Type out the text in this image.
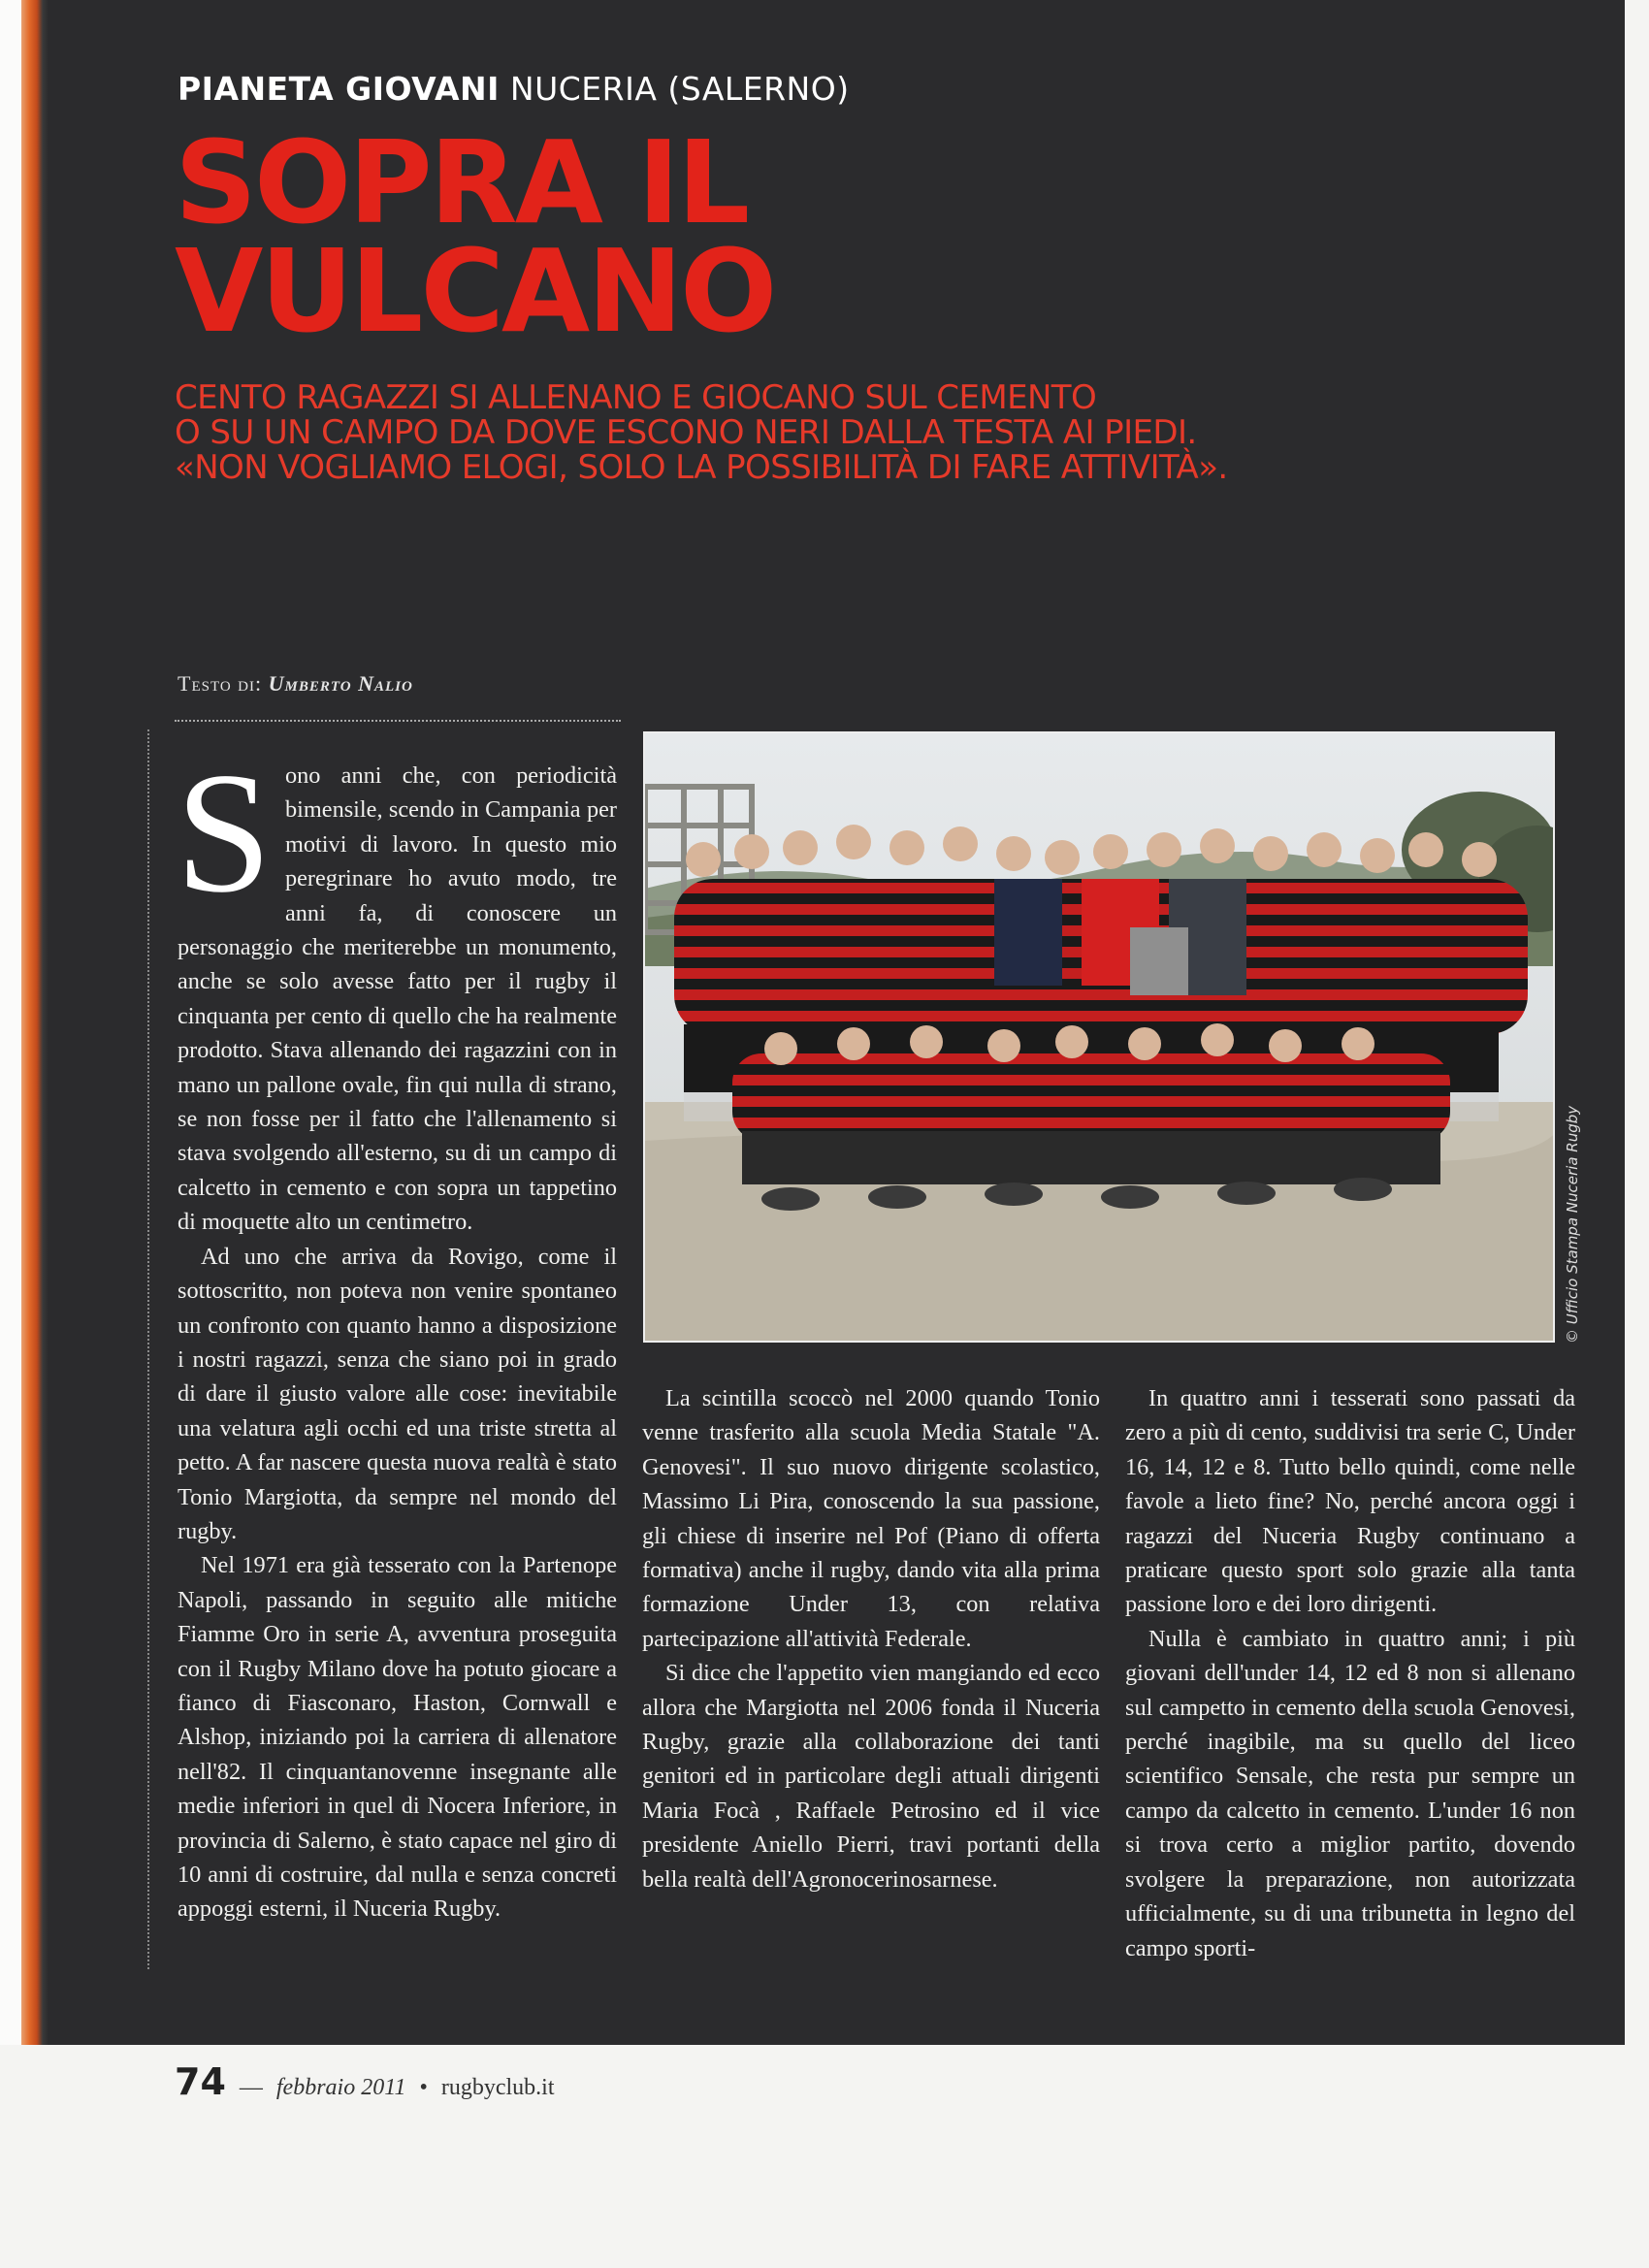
PIANETA GIOVANI NUCERIA (SALERNO)
SOPRA IL
VULCANO
CENTO RAGAZZI SI ALLENANO E GIOCANO SUL CEMENTO
O SU UN CAMPO DA DOVE ESCONO NERI DALLA TESTA AI PIEDI.
«NON VOGLIAMO ELOGI, SOLO LA POSSIBILITÀ DI FARE ATTIVITÀ».
Testo di: Umberto Nalio

Sono anni che, con periodicità bimensile, scendo in Campania per motivi di lavoro. In questo mio peregrinare ho avuto modo, tre anni fa, di conoscere un personaggio che meriterebbe un monumento, anche se solo avesse fatto per il rugby il cinquanta per cento di quello che ha realmente prodotto. Stava allenando dei ragazzini con in mano un pallone ovale, fin qui nulla di strano, se non fosse per il fatto che l'allenamento si stava svolgendo all'esterno, su di un campo di calcetto in cemento e con sopra un tappetino di moquette alto un centimetro.

Ad uno che arriva da Rovigo, come il sottoscritto, non poteva non venire spontaneo un confronto con quanto hanno a disposizione i nostri ragazzi, senza che siano poi in grado di dare il giusto valore alle cose: inevitabile una velatura agli occhi ed una triste stretta al petto. A far nascere questa nuova realtà è stato Tonio Margiotta, da sempre nel mondo del rugby.

Nel 1971 era già tesserato con la Partenope Napoli, passando in seguito alle mitiche Fiamme Oro in serie A, avventura proseguita con il Rugby Milano dove ha potuto giocare a fianco di Fiasconaro, Haston, Cornwall e Alshop, iniziando poi la carriera di allenatore nell'82. Il cinquantanovenne insegnante alle medie inferiori in quel di Nocera Inferiore, in provincia di Salerno, è stato capace nel giro di 10 anni di costruire, dal nulla e senza concreti appoggi esterni, il Nuceria Rugby.

© Ufficio Stampa Nuceria Rugby

La scintilla scoccò nel 2000 quando Tonio venne trasferito alla scuola Media Statale "A. Genovesi". Il suo nuovo dirigente scolastico, Massimo Li Pira, conoscendo la sua passione, gli chiese di inserire nel Pof (Piano di offerta formativa) anche il rugby, dando vita alla prima formazione Under 13, con relativa partecipazione all'attività Federale.

Si dice che l'appetito vien mangiando ed ecco allora che Margiotta nel 2006 fonda il Nuceria Rugby, grazie alla collaborazione dei tanti genitori ed in particolare degli attuali dirigenti Maria Focà , Raffaele Petrosino ed il vice presidente Aniello Pierri, travi portanti della bella realtà dell'Agronocerinosarnese.

In quattro anni i tesserati sono passati da zero a più di cento, suddivisi tra serie C, Under 16, 14, 12 e 8. Tutto bello quindi, come nelle favole a lieto fine? No, perché ancora oggi i ragazzi del Nuceria Rugby continuano a praticare questo sport solo grazie alla tanta passione loro e dei loro dirigenti.

Nulla è cambiato in quattro anni; i più giovani dell'under 14, 12 ed 8 non si allenano sul campetto in cemento della scuola Genovesi, perché inagibile, ma su quello del liceo scientifico Sensale, che resta pur sempre un campo da calcetto in cemento. L'under 16 non si trova certo a miglior partito, dovendo svolgere la preparazione, non autorizzata ufficialmente, su di una tribunetta in legno del campo sporti-

74 — febbraio 2011 • rugbyclub.it
